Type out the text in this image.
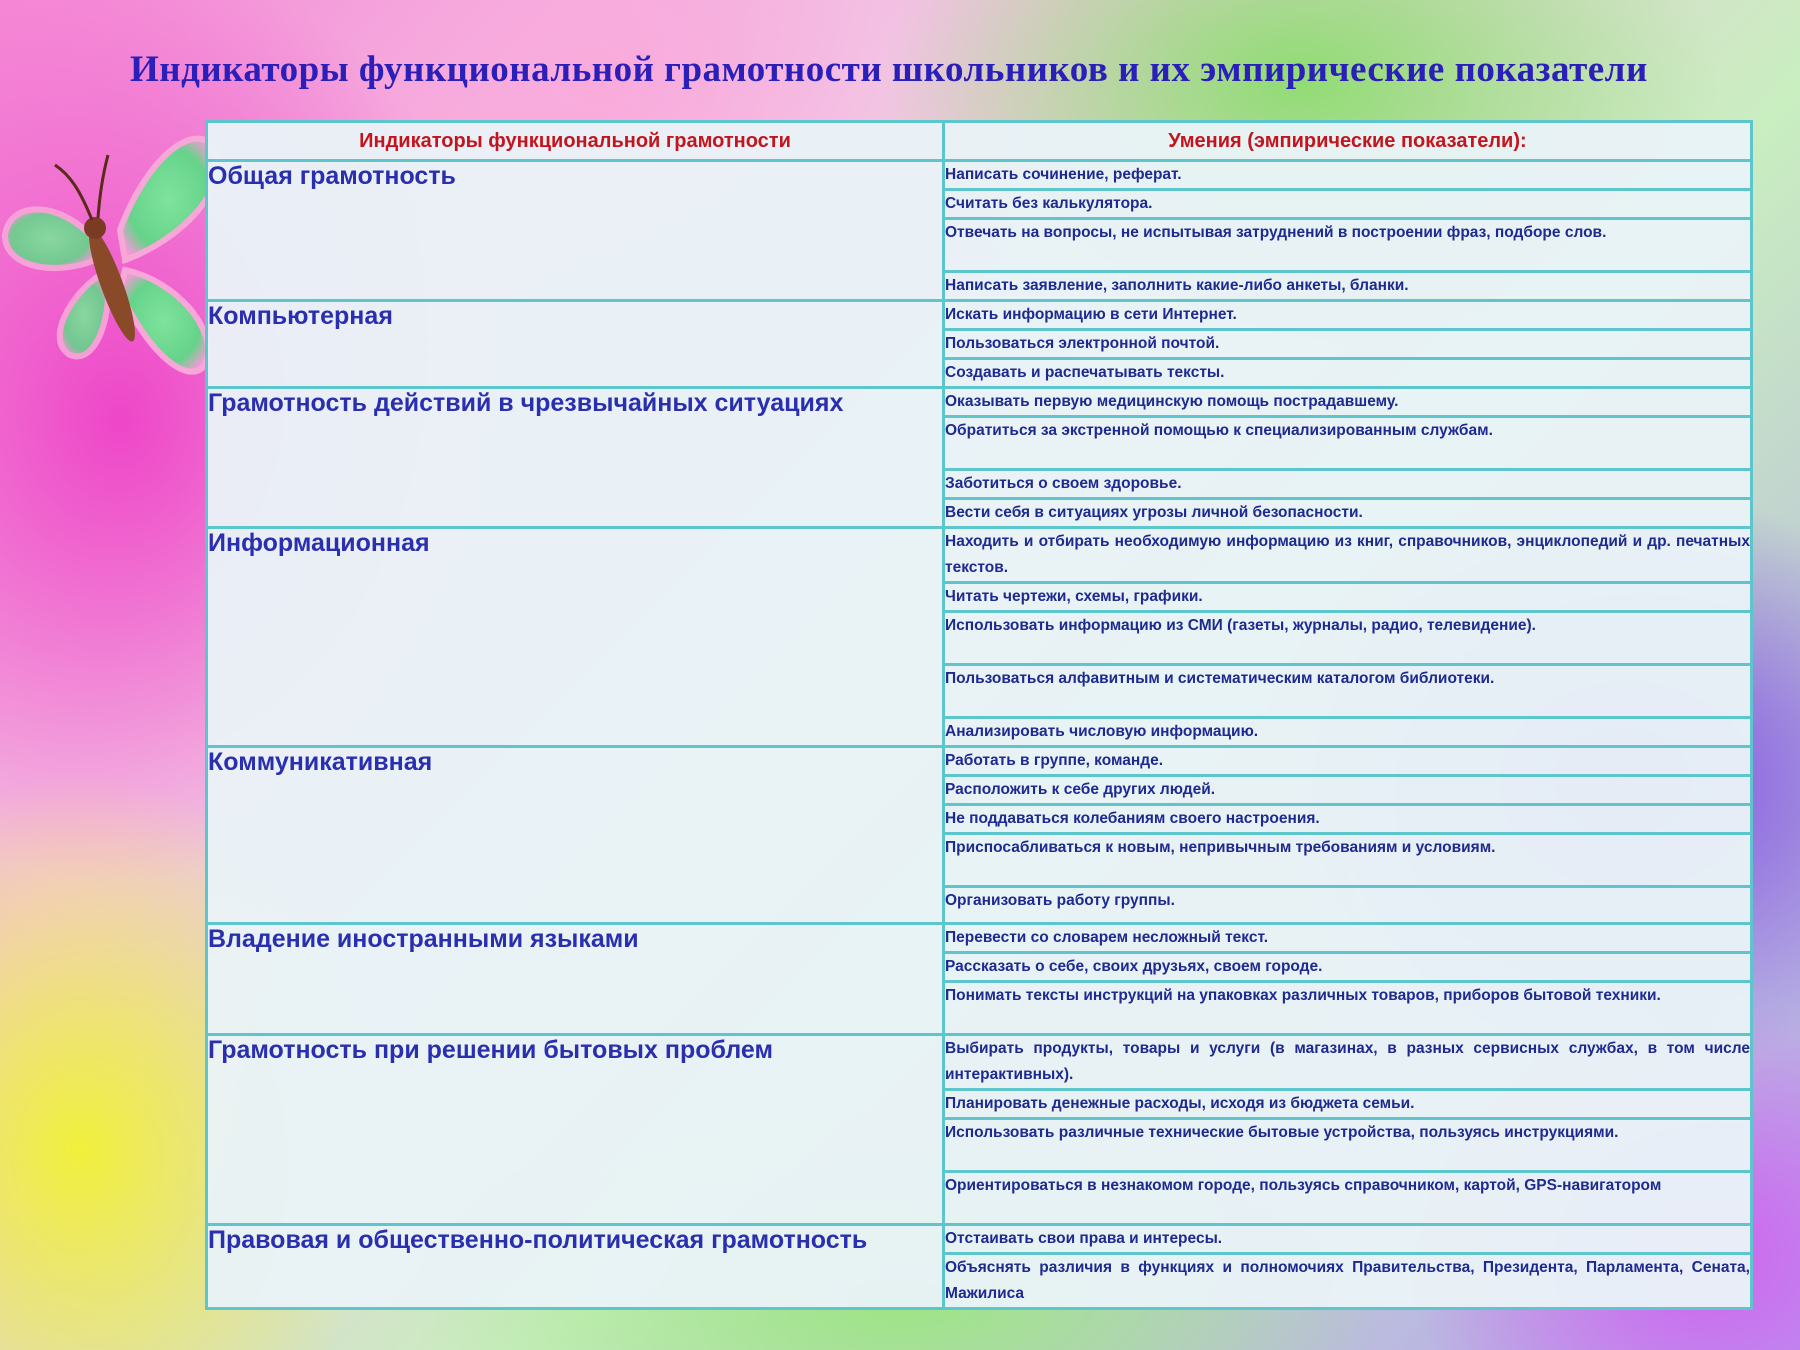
Индикаторы функциональной грамотности школьников и их эмпирические показатели
Индикаторы функциональной грамотности	Умения (эмпирические показатели):
Общая грамотность	Написать сочинение, реферат.
	Считать без калькулятора.
	Отвечать на вопросы, не испытывая затруднений в построении фраз, подборе слов.
	Написать заявление, заполнить какие-либо анкеты, бланки.
Компьютерная	Искать информацию в сети Интернет.
	Пользоваться электронной почтой.
	Создавать и распечатывать тексты.
Грамотность действий в чрезвычайных ситуациях	Оказывать первую медицинскую помощь пострадавшему.
	Обратиться за экстренной помощью к специализированным службам.
	Заботиться о своем здоровье.
	Вести себя в ситуациях угрозы личной безопасности.
Информационная	Находить и отбирать необходимую информацию из книг, справочников, энциклопедий и др. печатных текстов.
	Читать чертежи, схемы, графики.
	Использовать информацию из СМИ (газеты, журналы, радио, телевидение).
	Пользоваться алфавитным и систематическим каталогом библиотеки.
	Анализировать числовую информацию.
Коммуникативная	Работать в группе, команде.
	Расположить к себе других людей.
	Не поддаваться колебаниям своего настроения.
	Приспосабливаться к новым, непривычным требованиям и условиям.
	Организовать работу группы.
Владение иностранными языками	Перевести со словарем несложный текст.
	Рассказать о себе, своих друзьях, своем городе.
	Понимать тексты инструкций на упаковках различных товаров, приборов бытовой техники.
Грамотность при решении бытовых проблем	Выбирать продукты, товары и услуги (в магазинах, в разных сервисных службах, в том числе интерактивных).
	Планировать денежные расходы, исходя из бюджета семьи.
	Использовать различные технические бытовые устройства, пользуясь инструкциями.
	Ориентироваться в незнакомом городе, пользуясь справочником, картой, GPS-навигатором
Правовая и общественно-политическая грамотность	Отстаивать свои права и интересы.
	Объяснять различия в функциях и полномочиях Правительства, Президента, Парламента, Сената, Мажилиса
